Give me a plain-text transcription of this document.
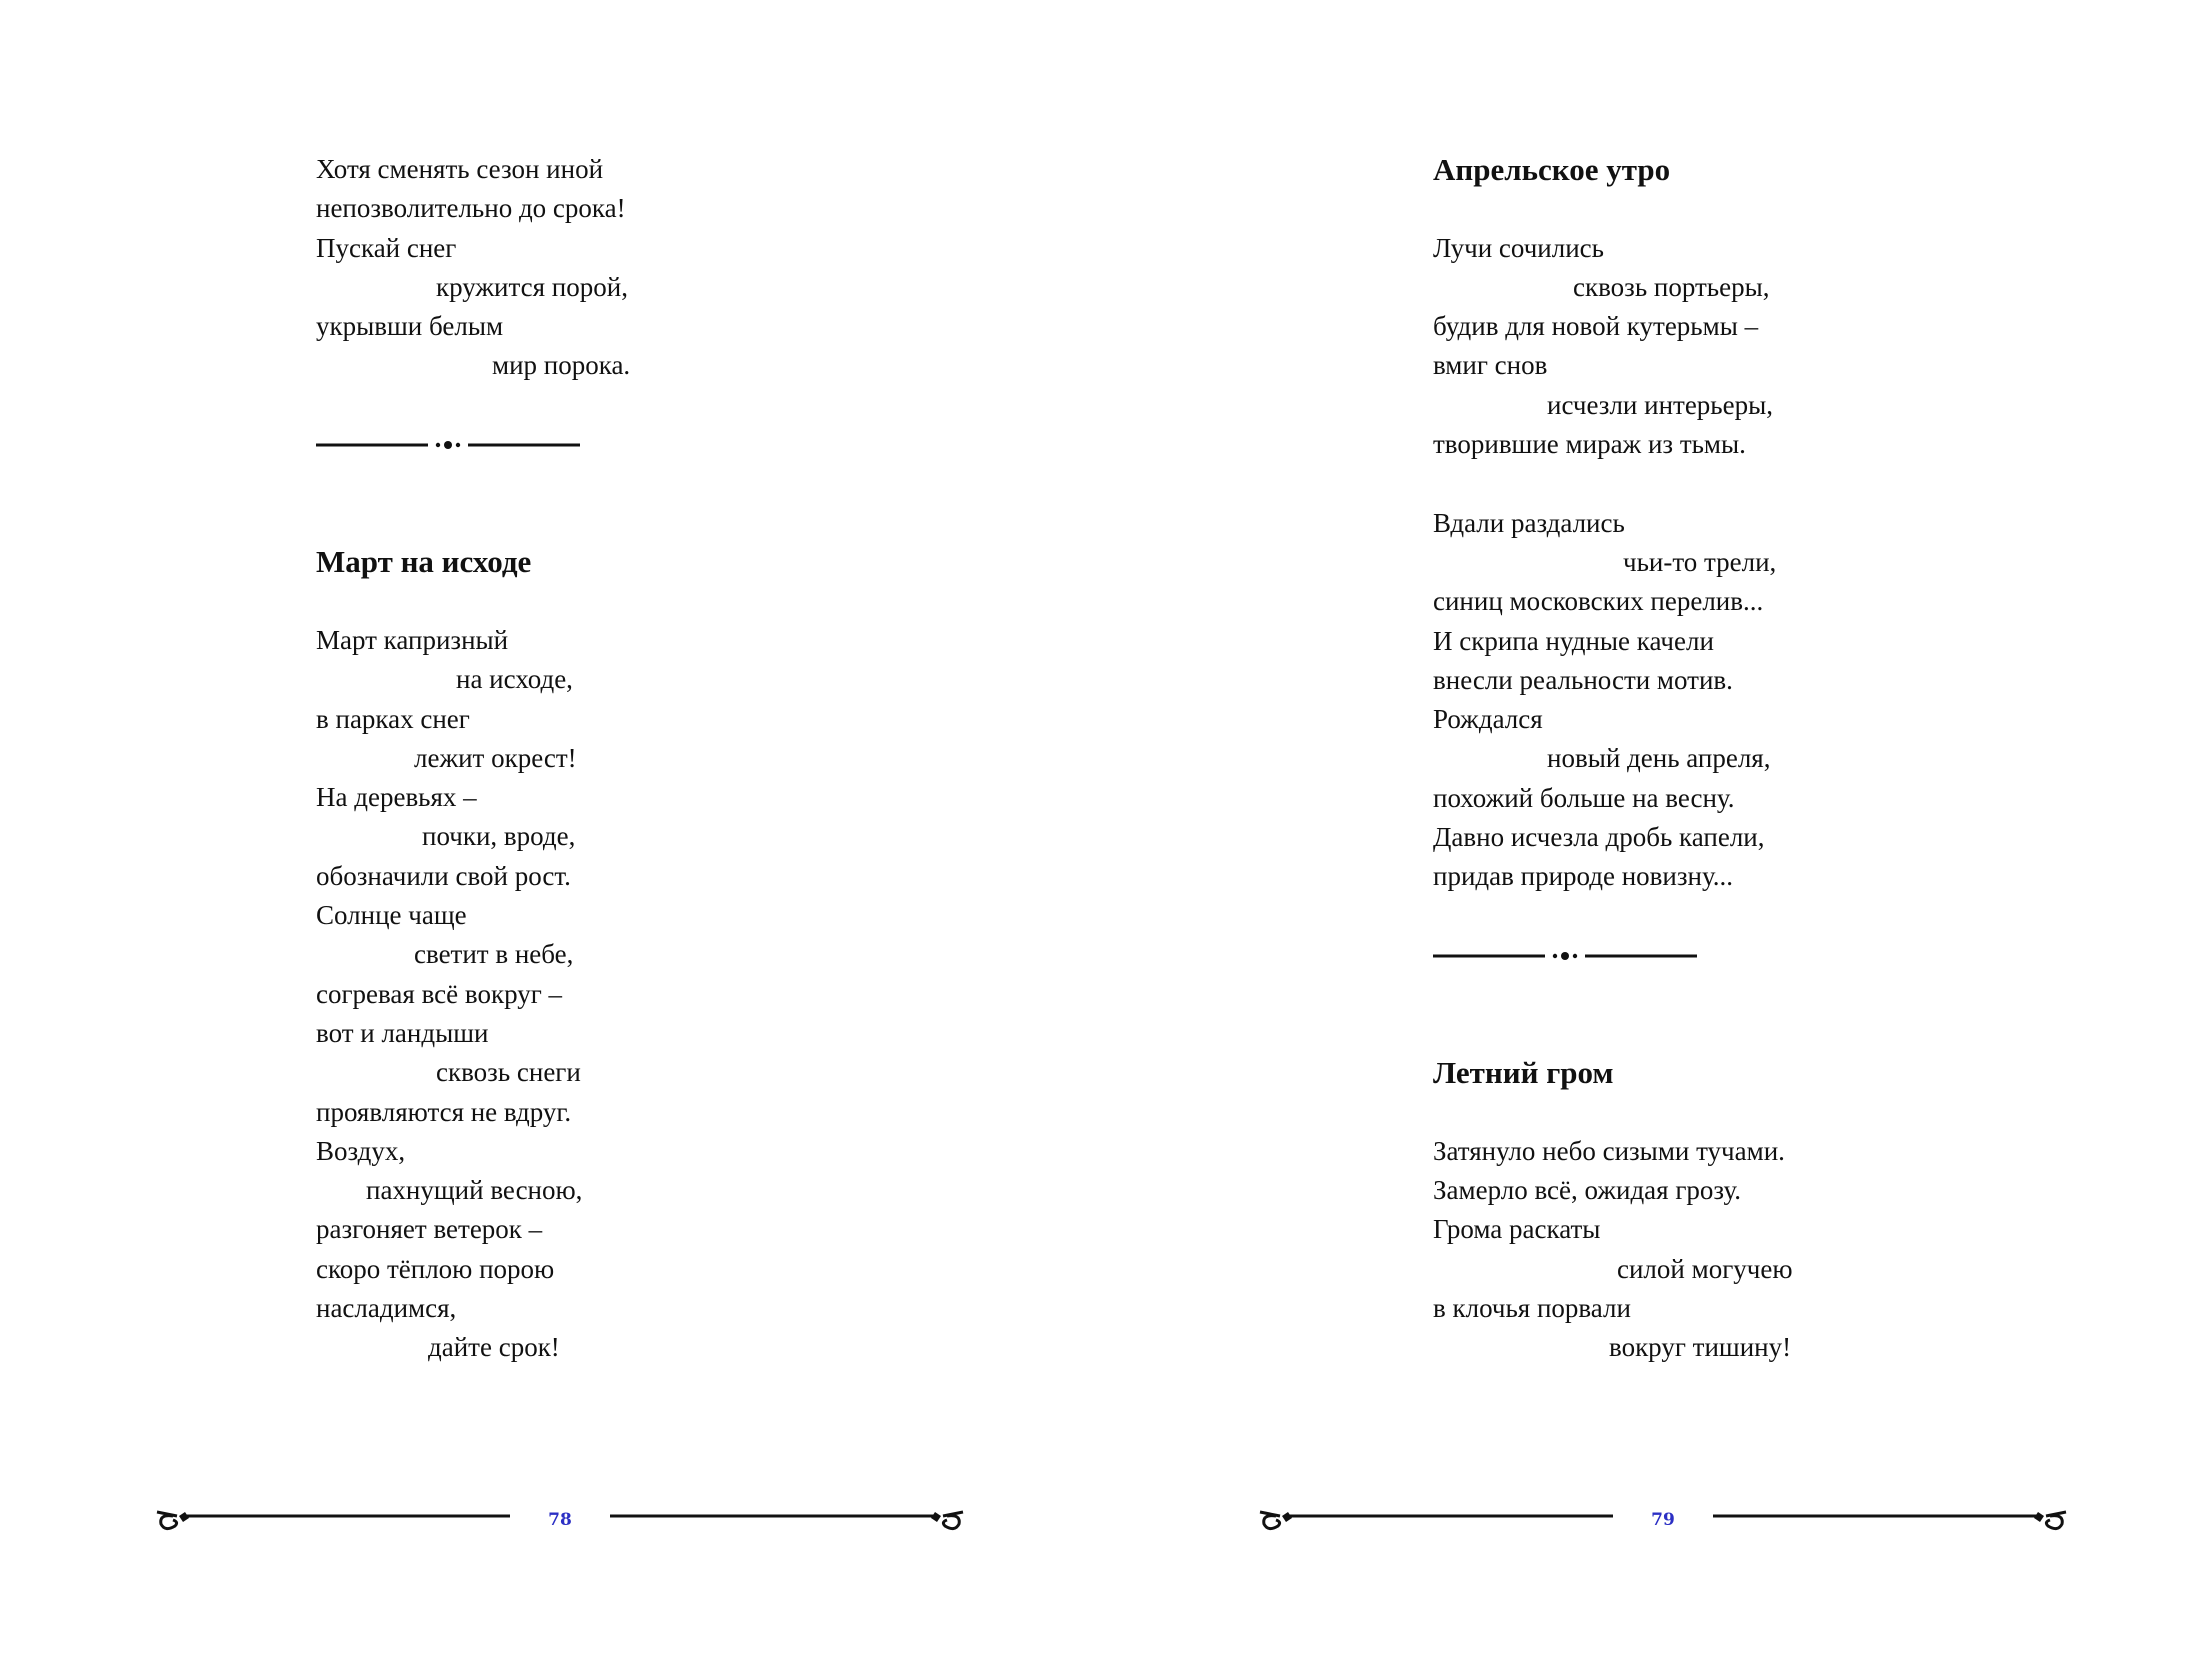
Хотя сменять сезон иной
непозволительно до срока!
Пускай снег
кружится порой,
укрывши белым
мир порока.
Март на исходе
Март капризный
на исходе,
в парках снег
лежит окрест!
На деревьях –
почки, вроде,
обозначили свой рост.
Солнце чаще
светит в небе,
согревая всё вокруг –
вот и ландыши
сквозь снеги
проявляются не вдруг.
Воздух,
пахнущий весною,
разгоняет ветерок –
скоро тёплою порою
насладимся,
дайте срок!
78
Апрельское утро
Лучи сочились
сквозь портьеры,
будив для новой кутерьмы –
вмиг снов
исчезли интерьеры,
творившие мираж из тьмы.
Вдали раздались
чьи-то трели,
синиц московских перелив...
И скрипа нудные качели
внесли реальности мотив.
Рождался
новый день апреля,
похожий больше на весну.
Давно исчезла дробь капели,
придав природе новизну...
Летний гром
Затянуло небо сизыми тучами.
Замерло всё, ожидая грозу.
Грома раскаты
силой могучею
в клочья порвали
вокруг тишину!
79
